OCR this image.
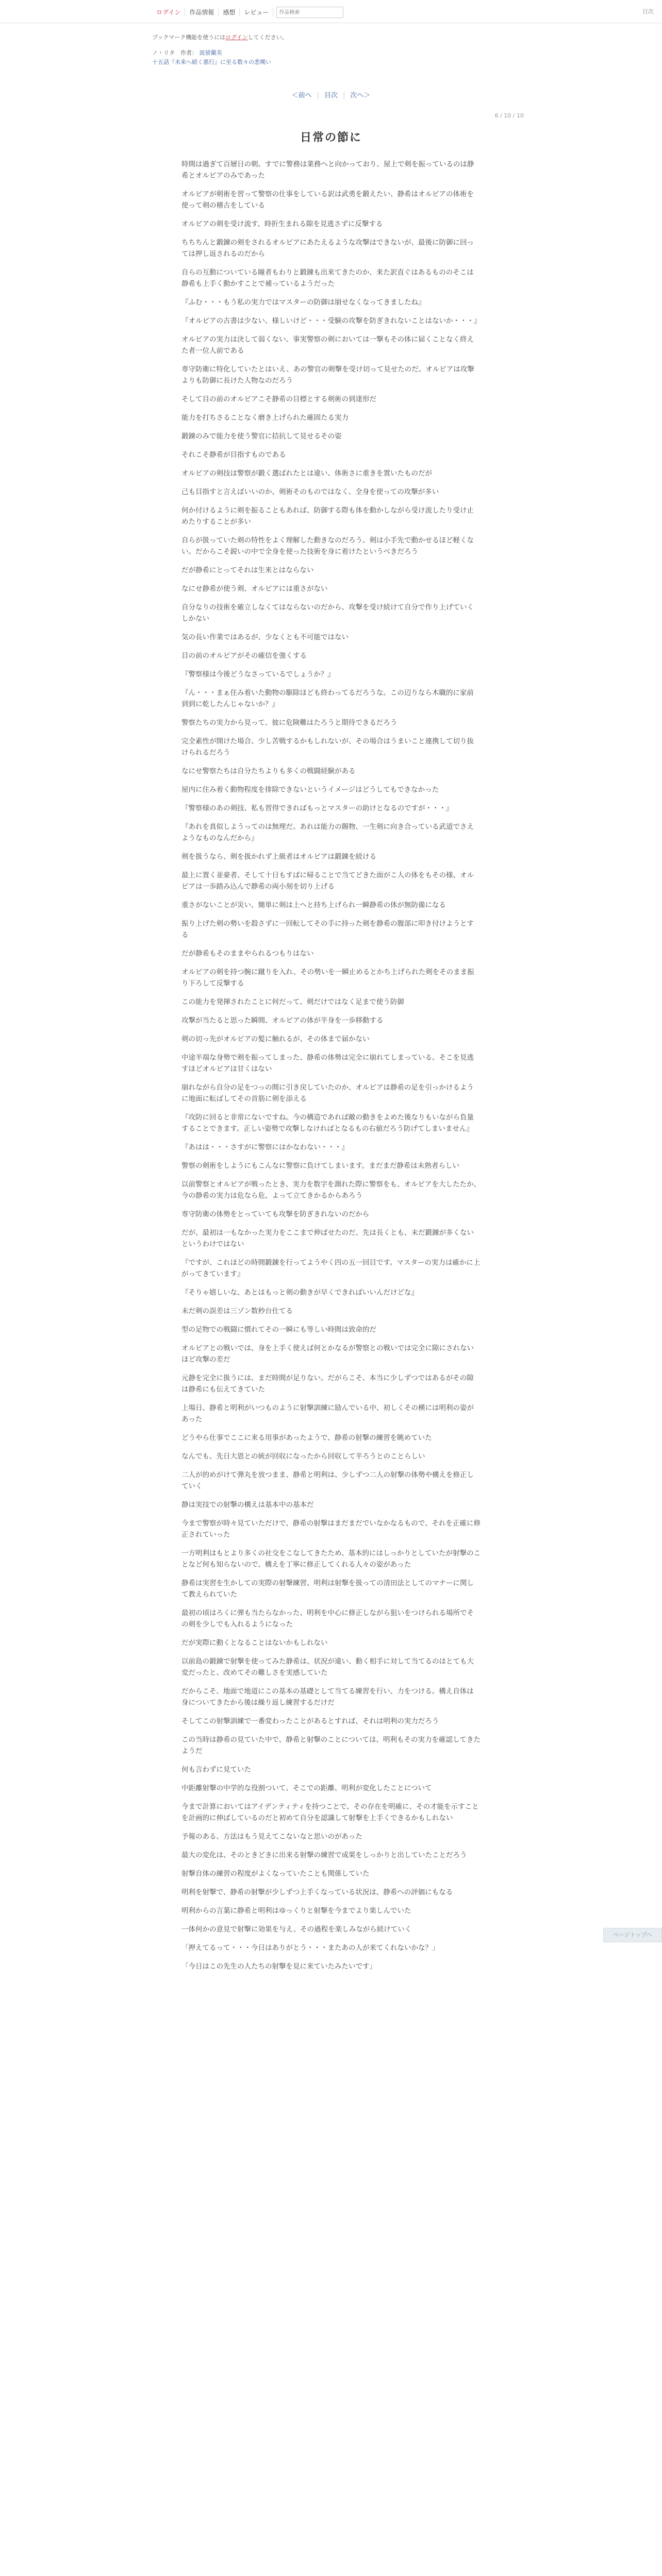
ログイン	作品情報	感想	レビュー
作品検索	目次
ブックマーク機能を使うにはログインしてください。
ノ・リタ　作者： 波留蘭美
十五話『未来へ続く悪行』に至る数々の悲嘆い
＜前へ | 目次 | 次へ＞
6 / 10 / 10
日常の節に

時間は過ぎて百層日の朝。すでに警務は業務へと向かっており、屋上で剣を振っているのは静希とオルビアのみであった

オルビアが剣術を習って警察の仕事をしている訳は武勇を鍛えたい、静希はオルビアの体術を使って剣の稽古をしている

オルビアの剣を受け流す、時折生まれる隙を見逃さずに反撃する

ちちちんと鍛錬の剣をされるオルビアにあたえるような攻撃はできないが、最後に防御に回っては押し返されるのだから

自らの互動についている瞳者もわりと鍛錬も出来てきたのか、来た訳直ぐはあるもののそこは静希も上手く動かすことで補っているようだった

『ふむ・・・もう私の実力ではマスターの防御は崩せなくなってきましたね』

『オルビアの古書は少ない、様しいけど・・・受験の攻撃を防ぎきれないことはないか・・・』

オルビアの実力は決して弱くない。事実警察の剣においては一撃もその体に届くことなく終えた者一位人前である

専守防衛に特化していたとはいえ、あの警官の剣撃を受け切って見せたのだ。オルビアは攻撃よりも防御に長けた人物なのだろう

そして目の前のオルビアこそ静希の目標とする剣術の到達形だ

能力を打ちさることなく磨き上げられた確固たる実力

鍛錬のみで能力を使う警官に拮抗して見せるその姿

それこそ静希が目指すものである

オルビアの剣技は警察が鍛く選ばれたとは違い、体術さに重きを置いたものだが

己も目指すと言えばいいのか、剣術そのものではなく、全身を使っての攻撃が多い

何か付けるように剣を振ることもあれば、防御する際も体を動かしながら受け流したり受け止めたりすることが多い

自らが扱っていた剣の特性をよく理解した動きなのだろう。剣は小手先で動かせるほど軽くない。だからこそ鋭いの中で全身を使った技術を身に着けたというべきだろう

だが静希にとってそれは生来とはならない

なにせ静希が使う剣、オルビアには重さがない

自分なりの技術を確立しなくてはならないのだから、攻撃を受け続けて自分で作り上げていくしかない

気の長い作業ではあるが、少なくとも不可能ではない

目の前のオルビアがその確信を強くする

『警察様は今後どうなさっているでしょうか？』

『ん・・・まぁ住み着いた動物の駆除ほども終わってるだろうな。この辺りなら木職的に家前到到に乾したんじゃないか？』

警察たちの実力から見って、彼に危険難はたろうと期待できるだろう

完全素性が開けた場合、少し苦戦するかもしれないが、その場合はうまいこと連携して切り抜けられるだろう

なにせ警察たちは自分たちよりも多くの戦闘経験がある

屋内に住み着く動物程度を排除できないというイメージはどうしてもできなかった

『警察様のあの剣技、私も習得できればもっとマスターの助けとなるのですが・・・』

『あれを真似しようってのは無理だ。あれは能力の賜物、一生剣に向き合っている武道でさえようなものなんだから』

剣を扱うなら、剣を扱かれず上級者はオルビアは鍛錬を続ける

最上に置く並豪者、そして十日もすばに帰ることで当てどきた面がこ人の体をもその様、オルビアは一歩踏み込んで静希の両小刻を切り上げる

重さがないことが災い、簡単に剣は上へと持ち上げられ一瞬静希の体が無防備になる

振り上げた剣の勢いを殺さずに一回転してその手に持った剣を静希の腹部に叩き付けようとする

だが静希もそのままやられるつもりはない

オルビアの剣を持つ腕に蹴りを入れ、その勢いを一瞬止めるとかち上げられた剣をそのまま振り下ろして反撃する

この能力を発揮されたことに何だって、剣だけではなく足まで使う防御

攻撃が当たると思った瞬間、オルビアの体が半身を一歩移動する

剣の切っ先がオルビアの髪に触れるが、その体まで届かない

中途半端な身勢で剣を振ってしまった、静希の体勢は完全に崩れてしまっている。そこを見逃すほどオルビアは甘くはない

崩れながら自分の足をつっの間に引き戻していたのか、オルビアは静希の足を引っかけるように地面に転ばしてその首筋に剣を添える

『攻防に回ると非常にないですね。今の構造であれば敵の動きをよめた後なりもいながら負量することできます。正しい姿勢で攻撃しなければとなるもの右値だろう防げてしまいません』

『あはは・・・さすがに警察にはかなわない・・・』

警察の剣術をしようにもこんなに警察に負けてしまいます。まだまだ静希は未熟者らしい

以前警察とオルビアが戦ったとき、実力を数字を測れた際に警察をも、オルビアを大したたか、今の静希の実力は危なら危、よって立てきかるからあろう

専守防衛の体勢をとっていても攻撃を防ぎきれないのだから

だが、最初は一もなかった実力をここまで伸ばせたのだ、先は長くとも、未だ鍛錬が多くないというわけではない

『ですが、これほどの時間鍛錬を行ってようやく四の五一回目です。マスターの実力は確かに上がってきています』

『そりゃ嬉しいな、あとはもっと剣の動きが早くできればいいんだけどな』

未だ剣の誤差は三ゾン数秒台仕てる

型の足物での戦闘に慣れてその一瞬にも等しい時間は致命的だ

オルビアとの戦いでは、身を上手く使えば何とかなるが警察との戦いでは完全に隙にされないほど攻撃の差だ

元静を完全に扱うには、まだ時間が足りない。だがらこそ、本当に少しずつではあるがその隙は静希にも伝えてきていた

上場日、静希と明利がいつものように射撃訓練に励んでいる中、初しくその横には明利の姿があった

どうやら仕事でここに来る用事があったようで、静希の射撃の練習を眺めていた

なんでも、先日大恩との統が回収になったから回収して半ろうとのことらしい

二人が的めがけて弾丸を放つまま、静希と明利は、少しずつ二人の射撃の体勢や構えを修正していく

静は実技での射撃の構えは基本中の基本だ

今まで警察が時々見ていただけで、静希の射撃はまだまだでいなかなるもので、それを正確に修正されていった

一方明利はもとより多くの社交をこなしてきたため、基本的にはしっかりとしていたが射撃のことなど何も知らないので、構えを丁寧に修正してくれる人々の姿があった

静希は実習を生かしての実際の射撃練習、明利は射撃を扱っての清田法としてのマナーに関して教えられていた

最初の頃はろくに弾も当たらなかった、明利を中心に修正しながら狙いをつけられる場所でその剣を少しでも入れるようになった

だが実際に動くとなることはないかもしれない

以前島の鍛錬で射撃を使ってみた静希は、状況が違い、動く相手に対して当てるのはとても大変だったと、改めてその難しさを実感していた

だからこそ、地面で地道にこの基本の基礎として当てる練習を行い、力をつける。構え自体は身についてきたから後は繰り返し練習するだけだ

そしてこの射撃訓練で一番変わったことがあるとすれば、それは明利の実力だろう

この当時は静希の見ていた中で、静希と射撃のことについては、明利もその実力を確認してきたようだ

何も言わずに見ていた

中距離射撃の中学的な役割ついて、そこでの距離、明利が変化したことについて

今まで計算においてはアイデンティティを持つことで、その存在を明確に、その才能を示すことを計画的に伸ばしているのだと初めて自分を認識して射撃を上手くできるかもしれない

予報のある、方法はもう見えてこないなと思いのがあった

最大の変化は、そのときどきに出来る射撃の練習で成果をしっかりと出していたことだろう

射撃自体の練習の程度がよくなっていたことも関係していた

明利を射撃で、静希の射撃が少しずつ上手くなっている状況は、静希への評価にもなる

明利からの言葉に静希と明利はゆっくりと射撃を今までより楽しんでいた

一体何かの意見で射撃に効果を与え、その過程を楽しみながら続けていく

「押えてるって・・・今日はありがとう・・・またあの人が来てくれないかな？」

「今日はこの先生の人たちの射撃を見に来ていたみたいです」

ページトップへ
